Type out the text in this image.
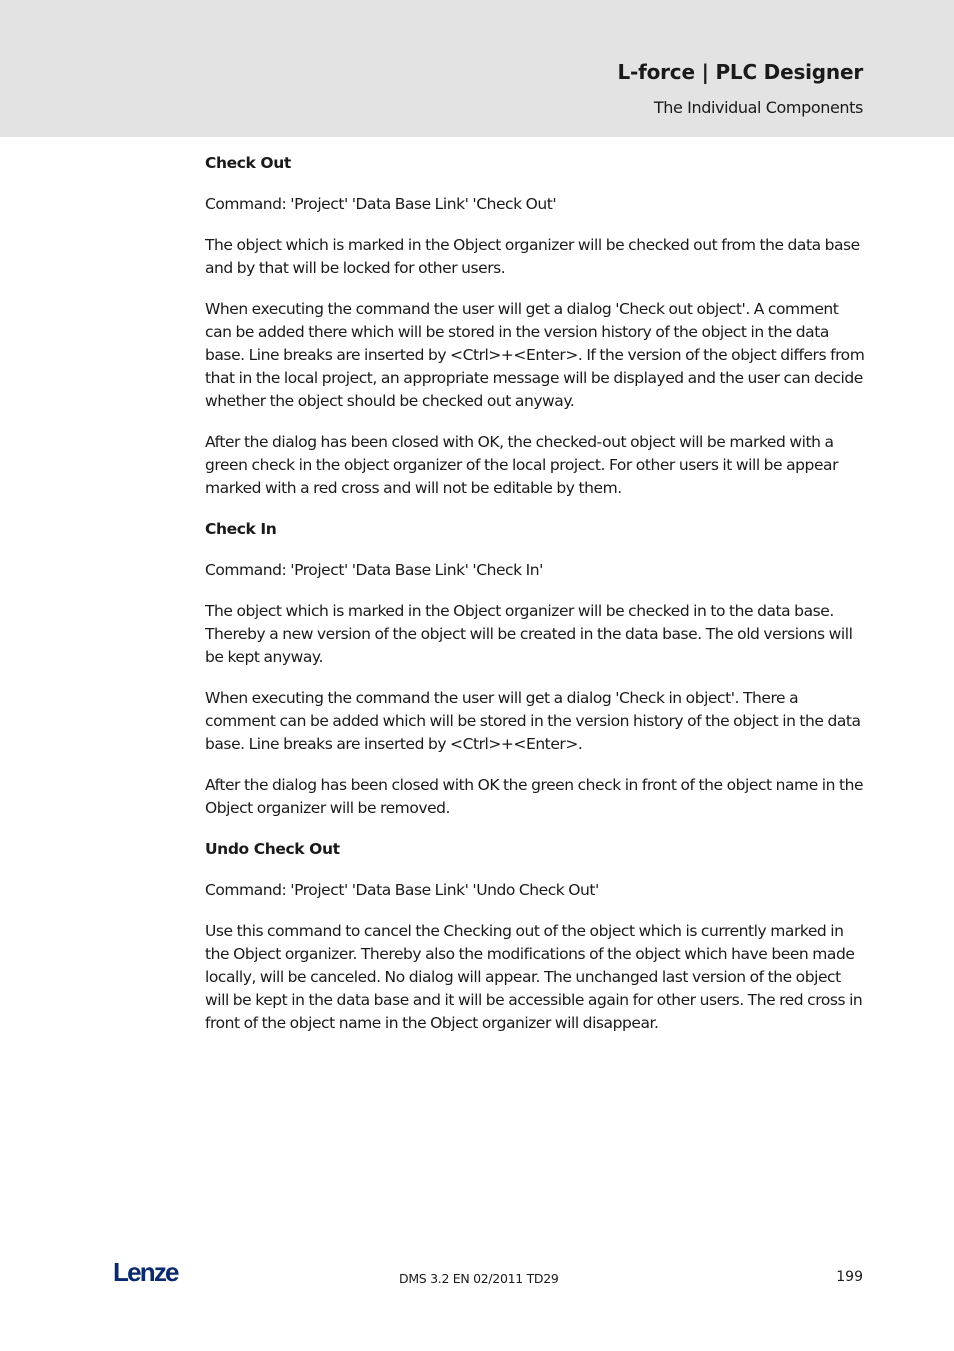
L-force | PLC Designer
The Individual Components
Check Out

Command: 'Project' 'Data Base Link' 'Check Out'

The object which is marked in the Object organizer will be checked out from the data base and by that will be locked for other users.

When executing the command the user will get a dialog 'Check out object'. A comment can be added there which will be stored in the version history of the object in the data base. Line breaks are inserted by <Ctrl>+<Enter>. If the version of the object differs from that in the local project, an appropriate message will be displayed and the user can decide whether the object should be checked out anyway.

After the dialog has been closed with OK, the checked-out object will be marked with a green check in the object organizer of the local project. For other users it will be appear marked with a red cross and will not be editable by them.

Check In

Command: 'Project' 'Data Base Link' 'Check In'

The object which is marked in the Object organizer will be checked in to the data base. Thereby a new version of the object will be created in the data base. The old versions will be kept anyway.

When executing the command the user will get a dialog 'Check in object'. There a comment can be added which will be stored in the version history of the object in the data base. Line breaks are inserted by <Ctrl>+<Enter>.

After the dialog has been closed with OK the green check in front of the object name in the Object organizer will be removed.

Undo Check Out

Command: 'Project' 'Data Base Link' 'Undo Check Out'

Use this command to cancel the Checking out of the object which is currently marked in the Object organizer. Thereby also the modifications of the object which have been made locally, will be canceled. No dialog will appear. The unchanged last version of the object will be kept in the data base and it will be accessible again for other users. The red cross in front of the object name in the Object organizer will disappear.

Lenze	DMS 3.2 EN 02/2011 TD29	199
